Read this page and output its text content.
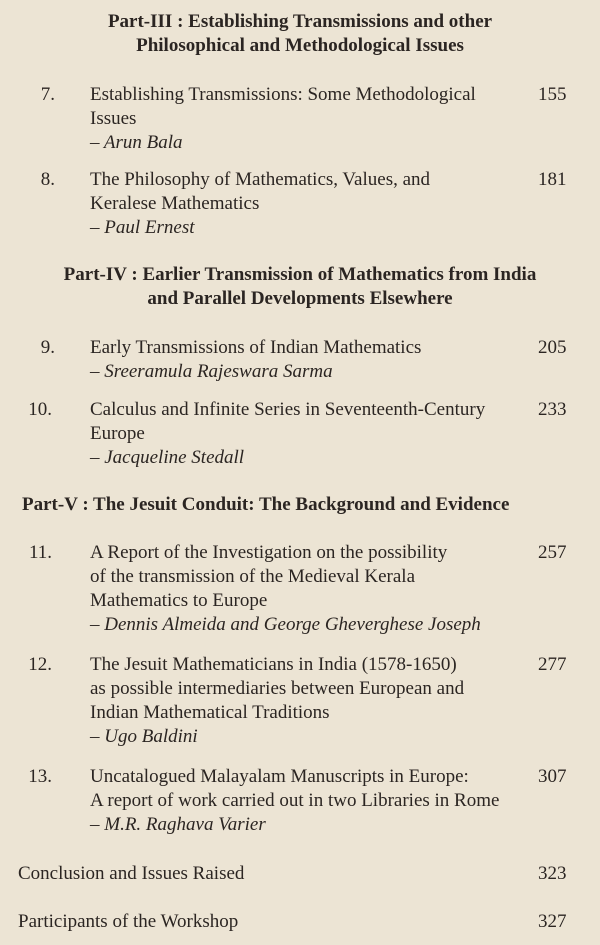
Part-III : Establishing Transmissions and other
Philosophical and Methodological Issues
Part-IV : Earlier Transmission of Mathematics from India
and Parallel Developments Elsewhere
Part-V : The Jesuit Conduit: The Background and Evidence
7. Establishing Transmissions: Some Methodological
Issues
– Arun Bala
155
8. The Philosophy of Mathematics, Values, and
Keralese Mathematics
– Paul Ernest
181
9. Early Transmissions of Indian Mathematics
– Sreeramula Rajeswara Sarma
205
10. Calculus and Infinite Series in Seventeenth-Century
Europe
– Jacqueline Stedall
233
11. A Report of the Investigation on the possibility
of the transmission of the Medieval Kerala
Mathematics to Europe
– Dennis Almeida and George Gheverghese Joseph
257
12. The Jesuit Mathematicians in India (1578-1650)
as possible intermediaries between European and
Indian Mathematical Traditions
– Ugo Baldini
277
13. Uncatalogued Malayalam Manuscripts in Europe:
A report of work carried out in two Libraries in Rome
– M.R. Raghava Varier
307
Conclusion and Issues Raised	323
Participants of the Workshop	327
